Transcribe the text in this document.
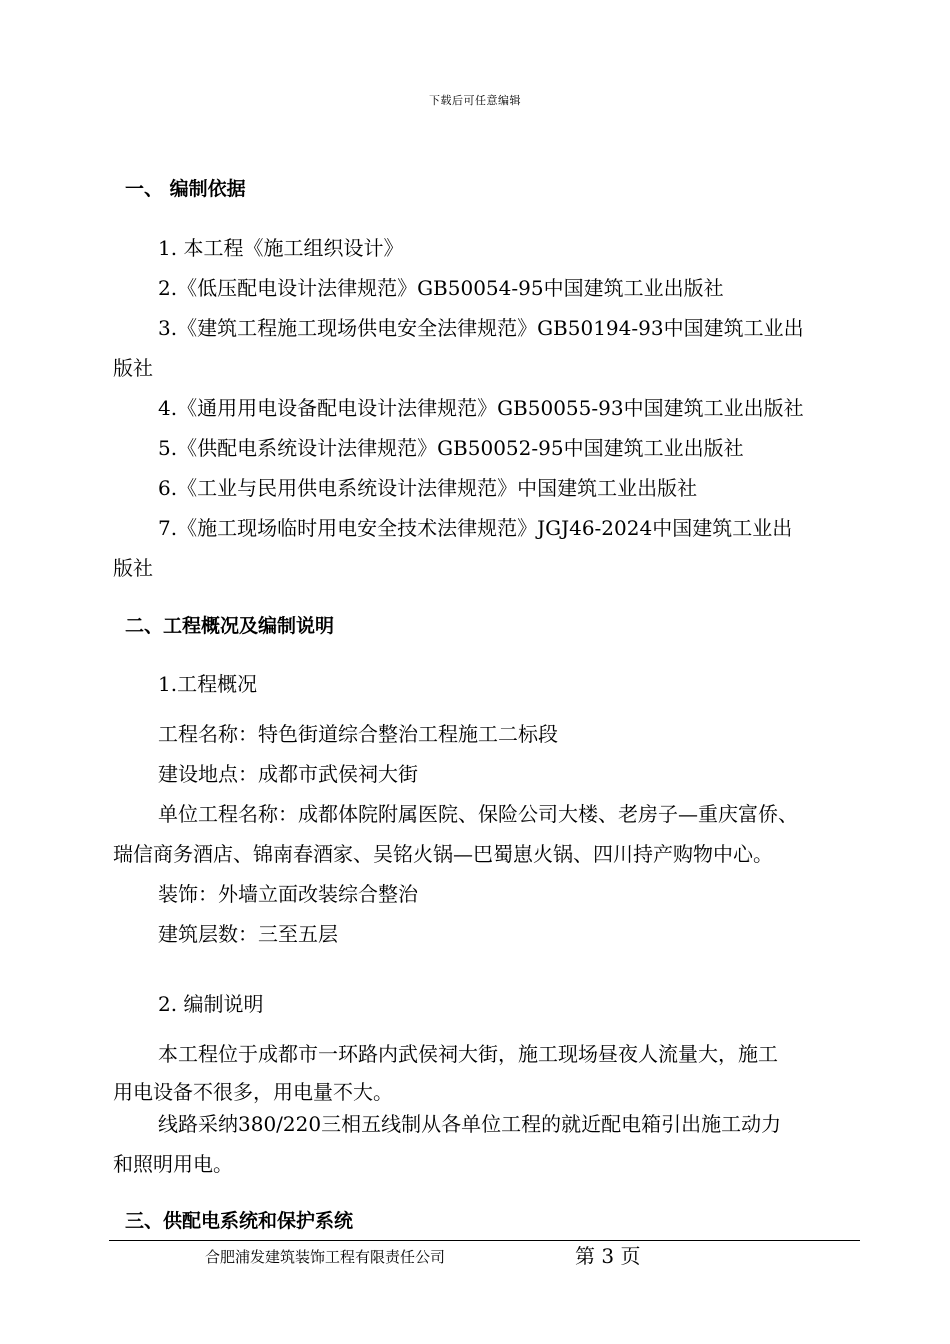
下载后可任意编辑
一、 编制依据
1. 本工程《施工组织设计》
2.《低压配电设计法律规范》GB50054-95中国建筑工业出版社
3.《建筑工程施工现场供电安全法律规范》GB50194-93中国建筑工业出
版社
4.《通用用电设备配电设计法律规范》GB50055-93中国建筑工业出版社
5.《供配电系统设计法律规范》GB50052-95中国建筑工业出版社
6.《工业与民用供电系统设计法律规范》中国建筑工业出版社
7.《施工现场临时用电安全技术法律规范》JGJ46-2024中国建筑工业出
版社
二、工程概况及编制说明
1.工程概况
工程名称：特色街道综合整治工程施工二标段
建设地点：成都市武侯祠大街
单位工程名称：成都体院附属医院、保险公司大楼、老房子—重庆富侨、
瑞信商务酒店、锦南春酒家、吴铭火锅—巴蜀崽火锅、四川持产购物中心。
装饰：外墙立面改装综合整治
建筑层数：三至五层
2. 编制说明
本工程位于成都市一环路内武侯祠大街，施工现场昼夜人流量大，施工
用电设备不很多，用电量不大。
线路采纳380/220三相五线制从各单位工程的就近配电箱引出施工动力
和照明用电。
三、供配电系统和保护系统
合肥浦发建筑装饰工程有限责任公司	第 3 页
